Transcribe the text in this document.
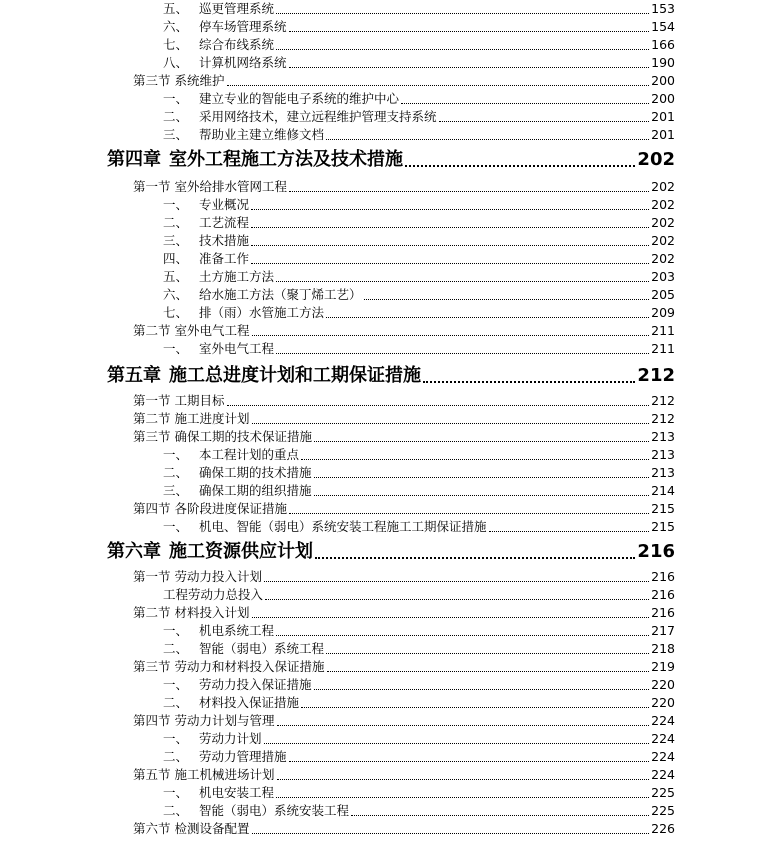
五、 巡更管理系统	153
六、 停车场管理系统	154
七、 综合布线系统	166
八、 计算机网络系统	190
第三节 系统维护	200
一、 建立专业的智能电子系统的维护中心	200
二、 采用网络技术，建立远程维护管理支持系统	201
三、 帮助业主建立维修文档	201
第四章 室外工程施工方法及技术措施	202
第一节 室外给排水管网工程	202
一、 专业概况	202
二、 工艺流程	202
三、 技术措施	202
四、 准备工作	202
五、 土方施工方法	203
六、 给水施工方法（聚丁烯工艺）	205
七、 排（雨）水管施工方法	209
第二节 室外电气工程	211
一、 室外电气工程	211
第五章 施工总进度计划和工期保证措施	212
第一节 工期目标	212
第二节 施工进度计划	212
第三节 确保工期的技术保证措施	213
一、 本工程计划的重点	213
二、 确保工期的技术措施	213
三、 确保工期的组织措施	214
第四节 各阶段进度保证措施	215
一、 机电、智能（弱电）系统安装工程施工工期保证措施	215
第六章 施工资源供应计划	216
第一节 劳动力投入计划	216
工程劳动力总投入	216
第二节 材料投入计划	216
一、 机电系统工程	217
二、 智能（弱电）系统工程	218
第三节 劳动力和材料投入保证措施	219
一、 劳动力投入保证措施	220
二、 材料投入保证措施	220
第四节 劳动力计划与管理	224
一、 劳动力计划	224
二、 劳动力管理措施	224
第五节 施工机械进场计划	224
一、 机电安装工程	225
二、 智能（弱电）系统安装工程	225
第六节 检测设备配置	226
